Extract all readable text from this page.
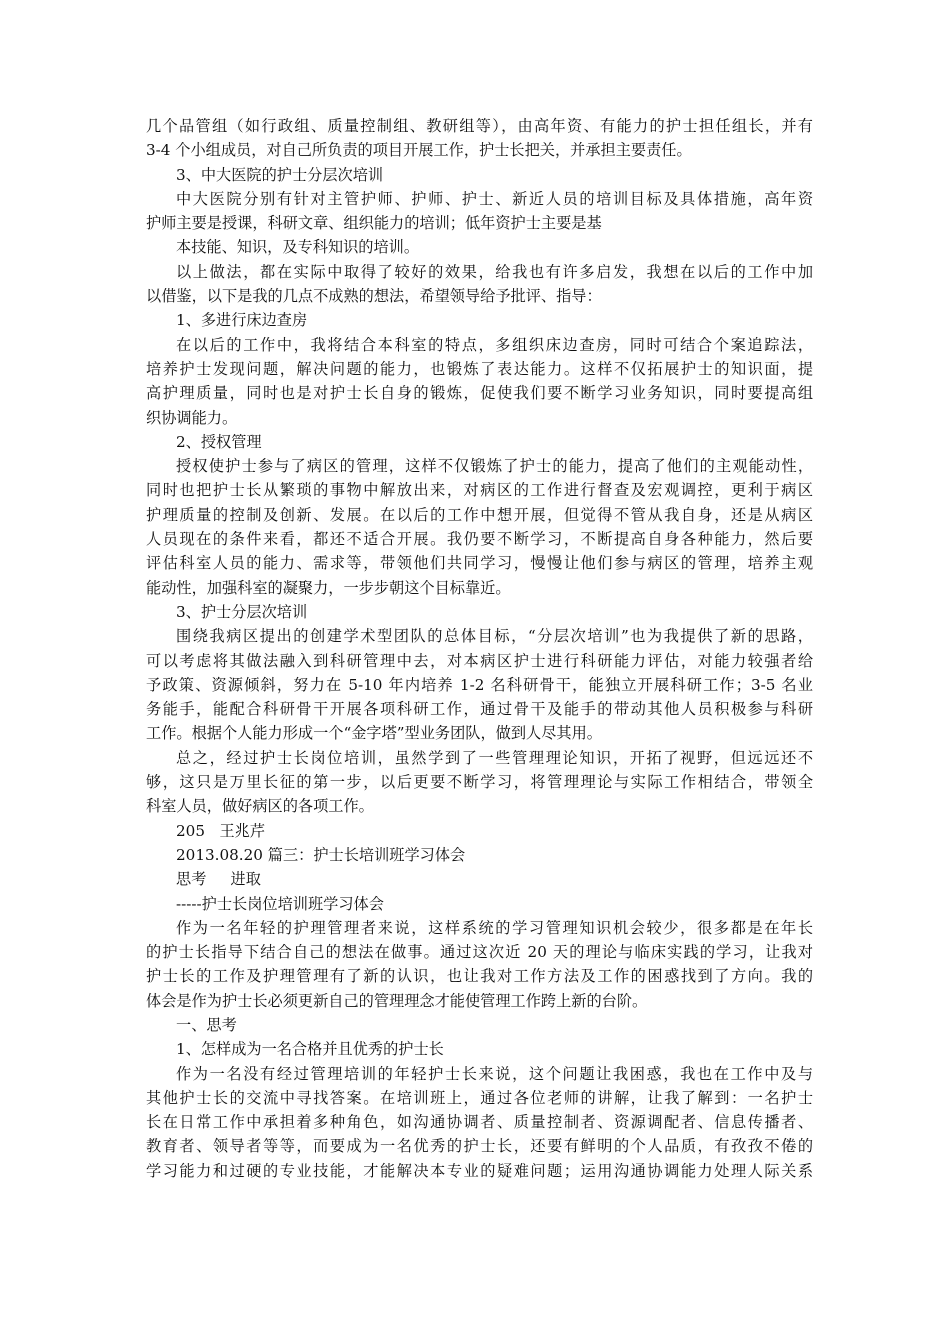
几个品管组（如行政组、质量控制组、教研组等），由高年资、有能力的护士担任组长，并有
3-4 个小组成员，对自己所负责的项目开展工作，护士长把关，并承担主要责任。
3、中大医院的护士分层次培训
中大医院分别有针对主管护师、护师、护士、新近人员的培训目标及具体措施，高年资
护师主要是授课，科研文章、组织能力的培训；低年资护士主要是基
本技能、知识，及专科知识的培训。
以上做法，都在实际中取得了较好的效果，给我也有许多启发，我想在以后的工作中加
以借鉴，以下是我的几点不成熟的想法，希望领导给予批评、指导：
1、多进行床边查房
在以后的工作中，我将结合本科室的特点，多组织床边查房，同时可结合个案追踪法，
培养护士发现问题，解决问题的能力，也锻炼了表达能力。这样不仅拓展护士的知识面，提
高护理质量，同时也是对护士长自身的锻炼，促使我们要不断学习业务知识，同时要提高组
织协调能力。
2、授权管理
授权使护士参与了病区的管理，这样不仅锻炼了护士的能力，提高了他们的主观能动性，
同时也把护士长从繁琐的事物中解放出来，对病区的工作进行督查及宏观调控，更利于病区
护理质量的控制及创新、发展。在以后的工作中想开展，但觉得不管从我自身，还是从病区
人员现在的条件来看，都还不适合开展。我仍要不断学习，不断提高自身各种能力，然后要
评估科室人员的能力、需求等，带领他们共同学习，慢慢让他们参与病区的管理，培养主观
能动性，加强科室的凝聚力，一步步朝这个目标靠近。
3、护士分层次培训
围绕我病区提出的创建学术型团队的总体目标，“分层次培训”也为我提供了新的思路，
可以考虑将其做法融入到科研管理中去，对本病区护士进行科研能力评估，对能力较强者给
予政策、资源倾斜，努力在 5-10 年内培养 1-2 名科研骨干，能独立开展科研工作；3-5 名业
务能手，能配合科研骨干开展各项科研工作，通过骨干及能手的带动其他人员积极参与科研
工作。根据个人能力形成一个“金字塔”型业务团队，做到人尽其用。
总之，经过护士长岗位培训，虽然学到了一些管理理论知识，开拓了视野，但远远还不
够，这只是万里长征的第一步，以后更要不断学习，将管理理论与实际工作相结合，带领全
科室人员，做好病区的各项工作。
205   王兆芹
2013.08.20 篇三：护士长培训班学习体会
思考     进取
-----护士长岗位培训班学习体会
作为一名年轻的护理管理者来说，这样系统的学习管理知识机会较少，很多都是在年长
的护士长指导下结合自己的想法在做事。通过这次近 20 天的理论与临床实践的学习，让我对
护士长的工作及护理管理有了新的认识，也让我对工作方法及工作的困惑找到了方向。我的
体会是作为护士长必须更新自己的管理理念才能使管理工作跨上新的台阶。
一、思考
1、怎样成为一名合格并且优秀的护士长
作为一名没有经过管理培训的年轻护士长来说，这个问题让我困惑，我也在工作中及与
其他护士长的交流中寻找答案。在培训班上，通过各位老师的讲解，让我了解到：一名护士
长在日常工作中承担着多种角色，如沟通协调者、质量控制者、资源调配者、信息传播者、
教育者、领导者等等，而要成为一名优秀的护士长，还要有鲜明的个人品质，有孜孜不倦的
学习能力和过硬的专业技能，才能解决本专业的疑难问题；运用沟通协调能力处理人际关系
